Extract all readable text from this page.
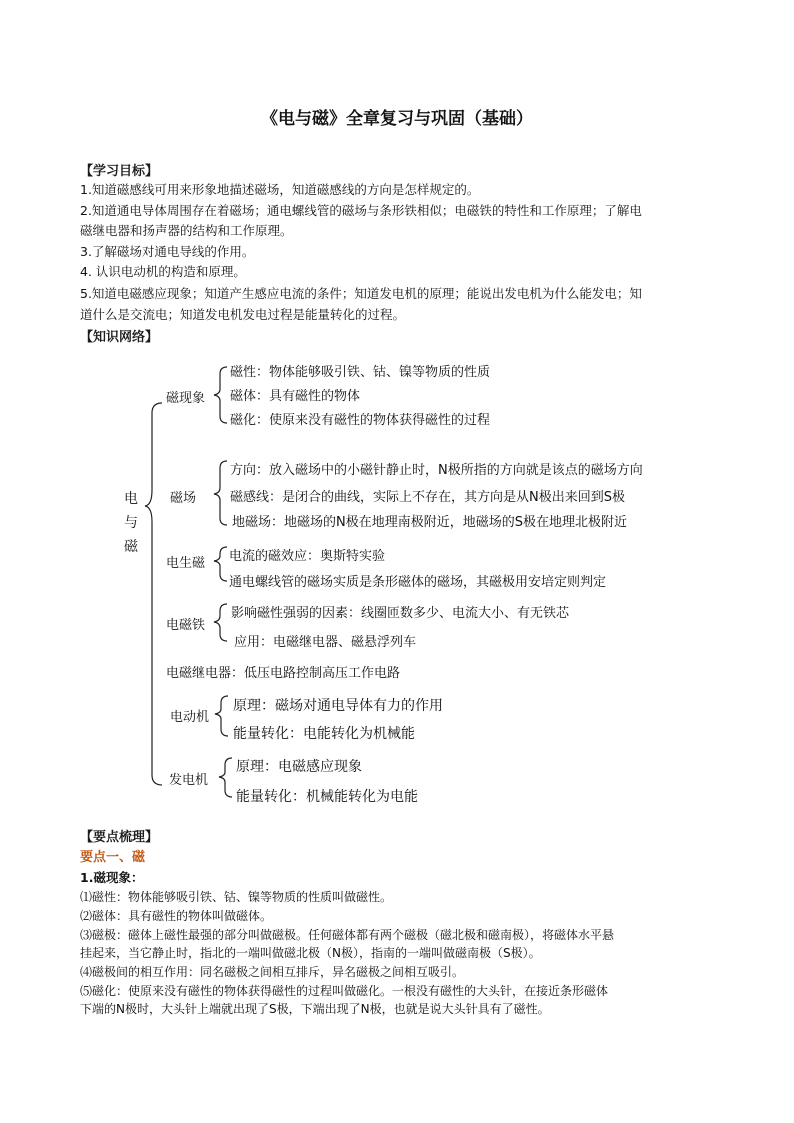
《电与磁》全章复习与巩固（基础）
【学习目标】
1.知道磁感线可用来形象地描述磁场，知道磁感线的方向是怎样规定的。
2.知道通电导体周围存在着磁场；通电螺线管的磁场与条形铁相似；电磁铁的特性和工作原理；了解电
磁继电器和扬声器的结构和工作原理。
3.了解磁场对通电导线的作用。
4. 认识电动机的构造和原理。
5.知道电磁感应现象；知道产生感应电流的条件；知道发电机的原理；能说出发电机为什么能发电；知
道什么是交流电；知道发电机发电过程是能量转化的过程。
【知识网络】
电
与
磁
磁现象
磁性：物体能够吸引铁、钴、镍等物质的性质
磁体：具有磁性的物体
磁化：使原来没有磁性的物体获得磁性的过程
磁场
方向：放入磁场中的小磁针静止时，N极所指的方向就是该点的磁场方向
磁感线：是闭合的曲线，实际上不存在，其方向是从N极出来回到S极
地磁场：地磁场的N极在地理南极附近，地磁场的S极在地理北极附近
电生磁 电流的磁效应：奥斯特实验
通电螺线管的磁场实质是条形磁体的磁场，其磁极用安培定则判定
电磁铁
影响磁性强弱的因素：线圈匝数多少、电流大小、有无铁芯
应用：电磁继电器、磁悬浮列车
电磁继电器：低压电路控制高压工作电路
电动机
原理：磁场对通电导体有力的作用
能量转化：电能转化为机械能
发电机
原理：电磁感应现象
能量转化：机械能转化为电能
【要点梳理】
要点一、磁
1.磁现象：
⑴磁性：物体能够吸引铁、钴、镍等物质的性质叫做磁性。
⑵磁体：具有磁性的物体叫做磁体。
⑶磁极：磁体上磁性最强的部分叫做磁极。任何磁体都有两个磁极（磁北极和磁南极），将磁体水平悬
挂起来，当它静止时，指北的一端叫做磁北极（N极），指南的一端叫做磁南极（S极）。
⑷磁极间的相互作用：同名磁极之间相互排斥，异名磁极之间相互吸引。
⑸磁化：使原来没有磁性的物体获得磁性的过程叫做磁化。一根没有磁性的大头针，在接近条形磁体
下端的N极时，大头针上端就出现了S极，下端出现了N极，也就是说大头针具有了磁性。
